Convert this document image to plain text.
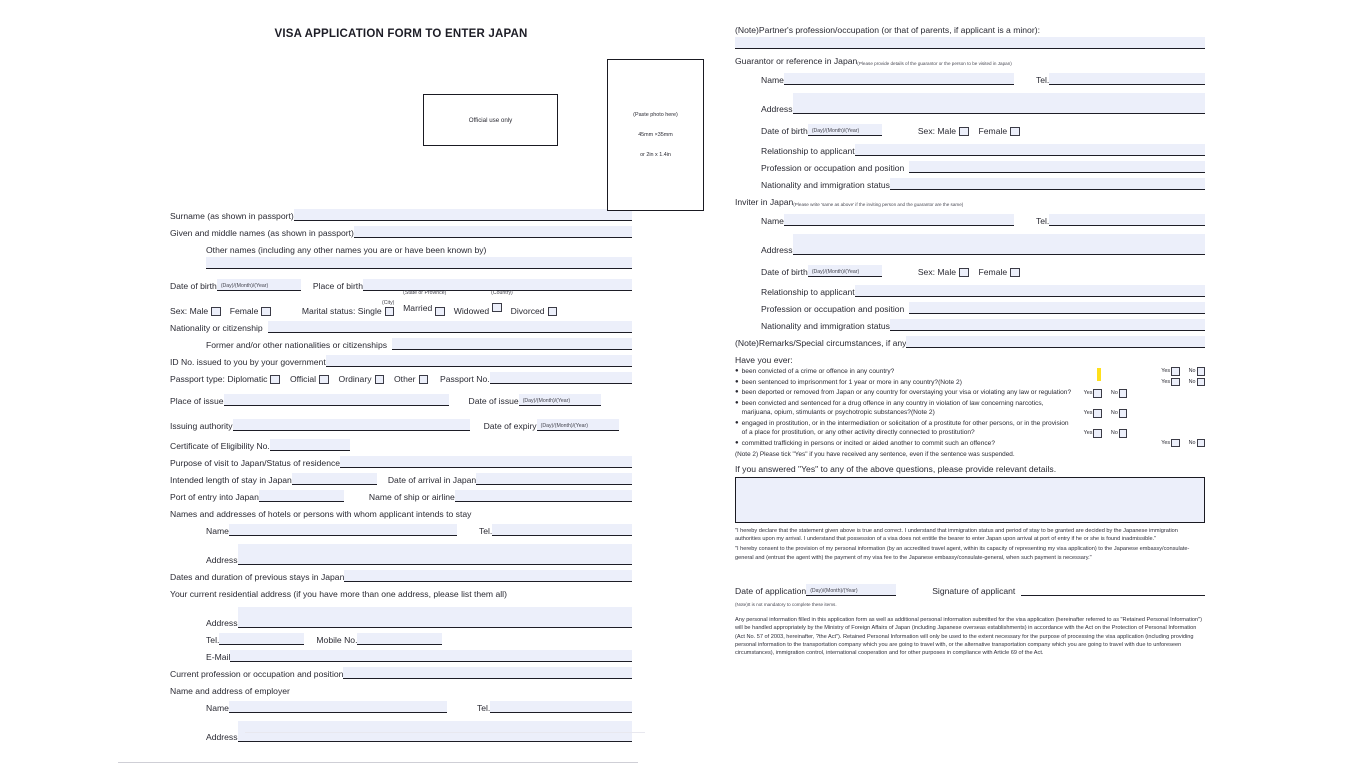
VISA APPLICATION FORM TO ENTER JAPAN
Official use only
(Paste photo here)
45mm ×35mm
or 2in x 1.4in
Surname (as shown in passport)
Given and middle names (as shown in passport)
Other names (including any other names you are or have been known by)
Date of birth (Day)/(Month)/(Year)	Place of birth
Sex: Male	Female	Marital status: Single
(State or Province)
Married	Widowed
(Country)
Divorced
(City)
Nationality or citizenship
Former and/or other nationalities or citizenships
ID No. issued to you by your government
Passport type: Diplomatic	Official	Ordinary	Other	Passport No.
Place of issue	Date of issue (Day)/(Month)/(Year)
Issuing authority	Date of expiry (Day)/(Month)/(Year)
Certificate of Eligibility No.
Purpose of visit to Japan/Status of residence
Intended length of stay in Japan	Date of arrival in Japan
Port of entry into Japan	Name of ship or airline
Names and addresses of hotels or persons with whom applicant intends to stay
Name	Tel.
Address
Dates and duration of previous stays in Japan
Your current residential address (if you have more than one address, please list them all)
Address
Tel.	Mobile No.
E-Mail
Current profession or occupation and position
Name and address of employer
Name	Tel.
Address
(Note)Partner's profession/occupation (or that of parents, if applicant is a minor):
Guarantor or reference in Japan (Please provide details of the guarantor or the person to be visited in Japan)
Name	Tel.
Address
Date of birth (Day)/(Month)/(Year)	Sex: Male	Female
Relationship to applicant
Profession or occupation and position
Nationality and immigration status
Inviter in Japan (Please write 'same as above' if the inviting person and the guarantor are the same)
Name	Tel.
Address
Date of birth (Day)/(Month)/(Year)	Sex: Male	Female
Relationship to applicant
Profession or occupation and position
Nationality and immigration status
(Note)Remarks/Special circumstances, if any
Have you ever:
● been convicted of a crime or offence in any country?	Yes	No
● been sentenced to imprisonment for 1 year or more in any country?(Note 2)	Yes	No
● been deported or removed from Japan or any country for overstaying your visa or violating any law or regulation?	Yes	No
● been convicted and sentenced for a drug offence in any country in violation of law concerning narcotics, marijuana, opium, stimulants or psychotropic substances?(Note 2)	Yes	No
● engaged in prostitution, or in the intermediation or solicitation of a prostitute for other persons, or in the provision of a place for prostitution, or any other activity directly connected to prostitution?	Yes	No
● committed trafficking in persons or incited or aided another to commit such an offence?	Yes	No
(Note 2) Please tick "Yes" if you have received any sentence, even if the sentence was suspended.
If you answered "Yes" to any of the above questions, please provide relevant details.
"I hereby declare that the statement given above is true and correct. I understand that immigration status and period of stay to be granted are decided by the Japanese immigration authorities upon my arrival. I understand that possession of a visa does not entitle the bearer to enter Japan upon arrival at port of entry if he or she is found inadmissible."
"I hereby consent to the provision of my personal information (by an accredited travel agent, within its capacity of representing my visa application) to the Japanese embassy/consulate-general and (entrust the agent with) the payment of my visa fee to the Japanese embassy/consulate-general, when such payment is necessary."
Date of application (Day)/(Month)/(Year)	Signature of applicant
(Note)It is not mandatory to complete these items.
Any personal information filled in this application form as well as additional personal information submitted for the visa application (hereinafter referred to as "Retained Personal Information") will be handled appropriately by the Ministry of Foreign Affairs of Japan (including Japanese overseas establishments) in accordance with the Act on the Protection of Personal Information (Act No. 57 of 2003, hereinafter, ?the Act"). Retained Personal Information will only be used to the extent necessary for the purpose of processing the visa application (including providing personal information to the transportation company which you are going to travel with, or the alternative transportation company which you are going to travel with due to unforeseen circumstances), immigration control, international cooperation and for other purposes in compliance with Article 69 of the Act.
